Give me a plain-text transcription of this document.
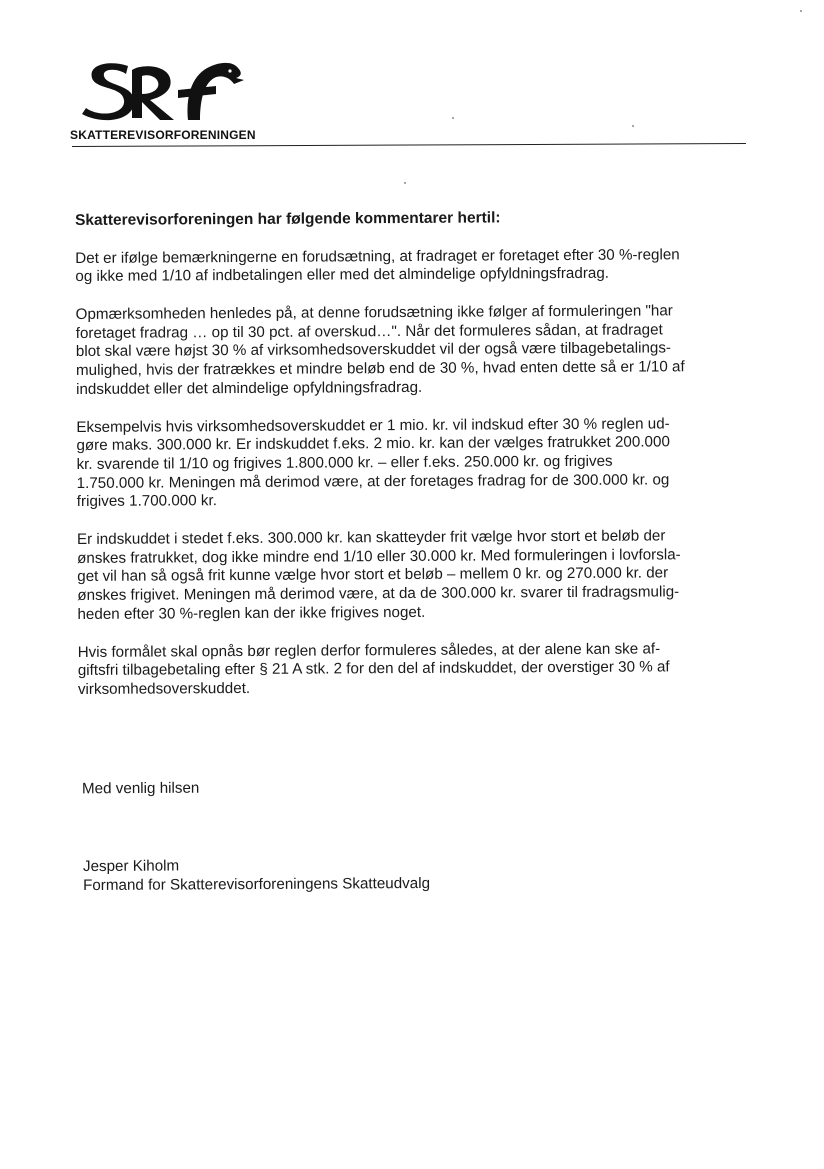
SKATTEREVISORFORENINGEN

Skatterevisorforeningen har følgende kommentarer hertil:

Det er ifølge bemærkningerne en forudsætning, at fradraget er foretaget efter 30 %-reglen
og ikke med 1/10 af indbetalingen eller med det almindelige opfyldningsfradrag.

Opmærksomheden henledes på, at denne forudsætning ikke følger af formuleringen "har
foretaget fradrag … op til 30 pct. af overskud…". Når det formuleres sådan, at fradraget
blot skal være højst 30 % af virksomhedsoverskuddet vil der også være tilbagebetalings-
mulighed, hvis der fratrækkes et mindre beløb end de 30 %, hvad enten dette så er 1/10 af
indskuddet eller det almindelige opfyldningsfradrag.

Eksempelvis hvis virksomhedsoverskuddet er 1 mio. kr. vil indskud efter 30 % reglen ud-
gøre maks. 300.000 kr. Er indskuddet f.eks. 2 mio. kr. kan der vælges fratrukket 200.000
kr. svarende til 1/10 og frigives 1.800.000 kr. – eller f.eks. 250.000 kr. og frigives
1.750.000 kr. Meningen må derimod være, at der foretages fradrag for de 300.000 kr. og
frigives 1.700.000 kr.

Er indskuddet i stedet f.eks. 300.000 kr. kan skatteyder frit vælge hvor stort et beløb der
ønskes fratrukket, dog ikke mindre end 1/10 eller 30.000 kr. Med formuleringen i lovforsla-
get vil han så også frit kunne vælge hvor stort et beløb – mellem 0 kr. og 270.000 kr. der
ønskes frigivet. Meningen må derimod være, at da de 300.000 kr. svarer til fradragsmulig-
heden efter 30 %-reglen kan der ikke frigives noget.

Hvis formålet skal opnås bør reglen derfor formuleres således, at der alene kan ske af-
giftsfri tilbagebetaling efter § 21 A stk. 2 for den del af indskuddet, der overstiger 30 % af
virksomhedsoverskuddet.

Med venlig hilsen
Jesper Kiholm
Formand for Skatterevisorforeningens Skatteudvalg
